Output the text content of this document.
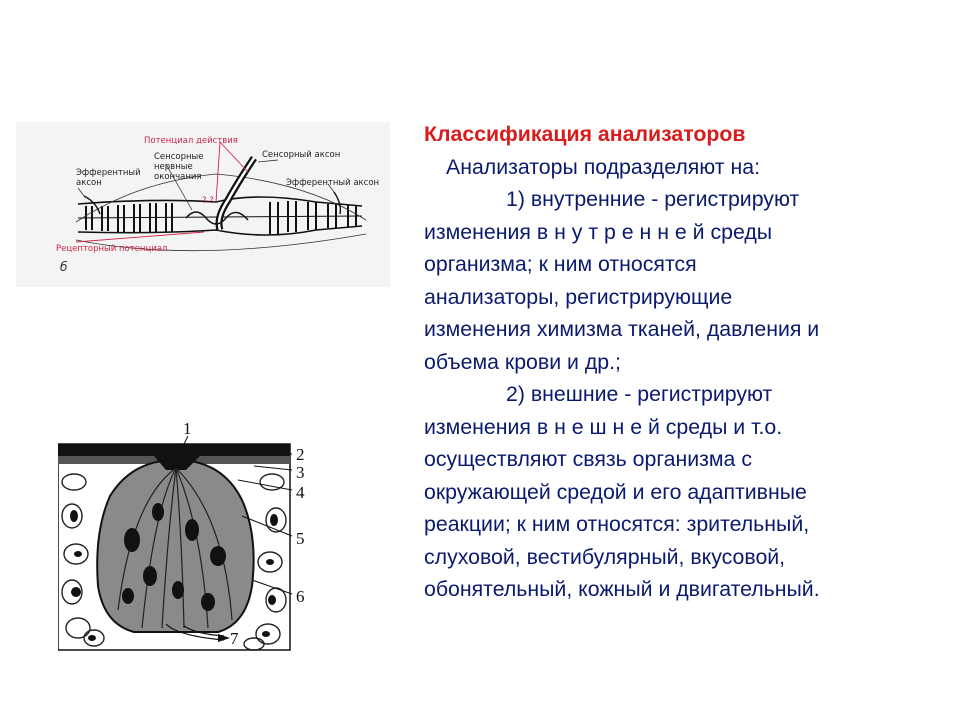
Потенциал действия
Сенсорные
нервные
окончания
Сенсорный аксон
Эфферентный
аксон	Эфферентный аксон
Рецепторный потенциал
? ?
б
1
2
3
4
5
6
7
Классификация анализаторов
Анализаторы подразделяют на:
1) внутренние - регистрируют
изменения в н у т р е н н е й среды
организма; к ним относятся
анализаторы, регистрирующие
изменения химизма тканей, давления и
объема крови и др.;
2) внешние - регистрируют
изменения в н е ш н е й среды и т.о.
осуществляют связь организма с
окружающей средой и его адаптивные
реакции; к ним относятся: зрительный,
слуховой, вестибулярный, вкусовой,
обонятельный, кожный и двигательный.
